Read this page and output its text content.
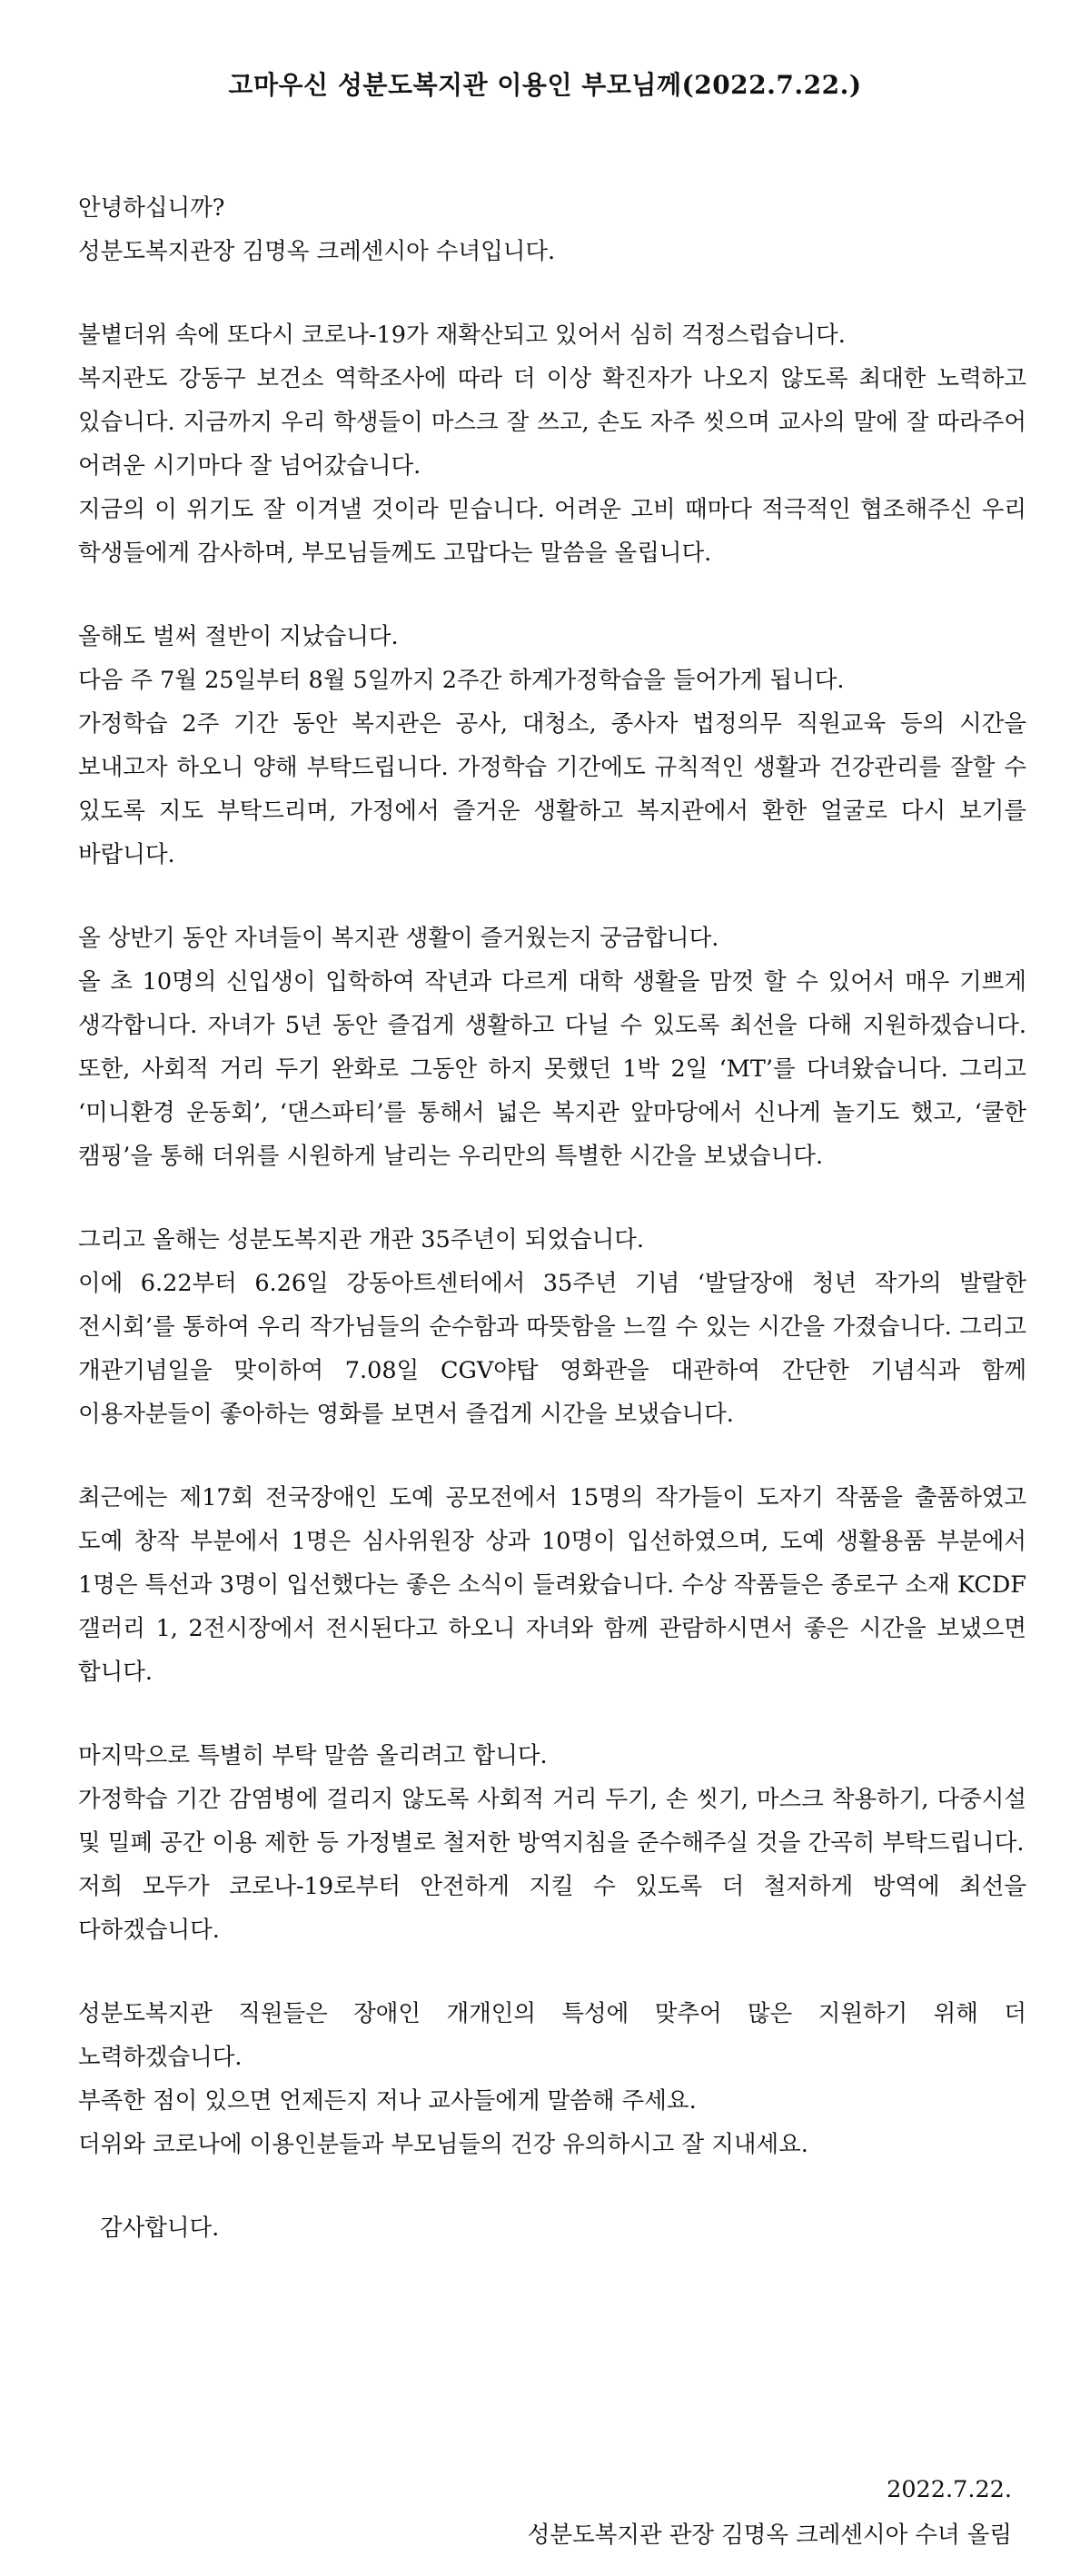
고마우신 성분도복지관 이용인 부모님께(2022.7.22.)

안녕하십니까?

성분도복지관장 김명옥 크레센시아 수녀입니다.

불볕더위 속에 또다시 코로나-19가 재확산되고 있어서 심히 걱정스럽습니다.

복지관도 강동구 보건소 역학조사에 따라 더 이상 확진자가 나오지 않도록 최대한 노력하고 있습니다. 지금까지 우리 학생들이 마스크 잘 쓰고, 손도 자주 씻으며 교사의 말에 잘 따라주어 어려운 시기마다 잘 넘어갔습니다.

지금의 이 위기도 잘 이겨낼 것이라 믿습니다. 어려운 고비 때마다 적극적인 협조해주신 우리 학생들에게 감사하며, 부모님들께도 고맙다는 말씀을 올립니다.

올해도 벌써 절반이 지났습니다.

다음 주 7월 25일부터 8월 5일까지 2주간 하계가정학습을 들어가게 됩니다.

가정학습 2주 기간 동안 복지관은 공사, 대청소, 종사자 법정의무 직원교육 등의 시간을 보내고자 하오니 양해 부탁드립니다. 가정학습 기간에도 규칙적인 생활과 건강관리를 잘할 수 있도록 지도 부탁드리며, 가정에서 즐거운 생활하고 복지관에서 환한 얼굴로 다시 보기를 바랍니다.

올 상반기 동안 자녀들이 복지관 생활이 즐거웠는지 궁금합니다.

올 초 10명의 신입생이 입학하여 작년과 다르게 대학 생활을 맘껏 할 수 있어서 매우 기쁘게 생각합니다. 자녀가 5년 동안 즐겁게 생활하고 다닐 수 있도록 최선을 다해 지원하겠습니다. 또한, 사회적 거리 두기 완화로 그동안 하지 못했던 1박 2일 ‘MT’를 다녀왔습니다. 그리고 ‘미니환경 운동회’, ‘댄스파티’를 통해서 넓은 복지관 앞마당에서 신나게 놀기도 했고, ‘쿨한 캠핑’을 통해 더위를 시원하게 날리는 우리만의 특별한 시간을 보냈습니다.

그리고 올해는 성분도복지관 개관 35주년이 되었습니다.

이에 6.22부터 6.26일 강동아트센터에서 35주년 기념 ‘발달장애 청년 작가의 발랄한 전시회’를 통하여 우리 작가님들의 순수함과 따뜻함을 느낄 수 있는 시간을 가졌습니다. 그리고 개관기념일을 맞이하여 7.08일 CGV야탑 영화관을 대관하여 간단한 기념식과 함께 이용자분들이 좋아하는 영화를 보면서 즐겁게 시간을 보냈습니다.

최근에는 제17회 전국장애인 도예 공모전에서 15명의 작가들이 도자기 작품을 출품하였고 도예 창작 부분에서 1명은 심사위원장 상과 10명이 입선하였으며, 도예 생활용품 부분에서 1명은 특선과 3명이 입선했다는 좋은 소식이 들려왔습니다. 수상 작품들은 종로구 소재 KCDF 갤러리 1, 2전시장에서 전시된다고 하오니 자녀와 함께 관람하시면서 좋은 시간을 보냈으면 합니다.

마지막으로 특별히 부탁 말씀 올리려고 합니다.

가정학습 기간 감염병에 걸리지 않도록 사회적 거리 두기, 손 씻기, 마스크 착용하기, 다중시설 및 밀폐 공간 이용 제한 등 가정별로 철저한 방역지침을 준수해주실 것을 간곡히 부탁드립니다.

저희 모두가 코로나-19로부터 안전하게 지킬 수 있도록 더 철저하게 방역에 최선을 다하겠습니다.

성분도복지관 직원들은 장애인 개개인의 특성에 맞추어 많은 지원하기 위해 더 노력하겠습니다.

부족한 점이 있으면 언제든지 저나 교사들에게 말씀해 주세요.

더위와 코로나에 이용인분들과 부모님들의 건강 유의하시고 잘 지내세요.

감사합니다.

2022.7.22.
성분도복지관 관장 김명옥 크레센시아 수녀 올림
